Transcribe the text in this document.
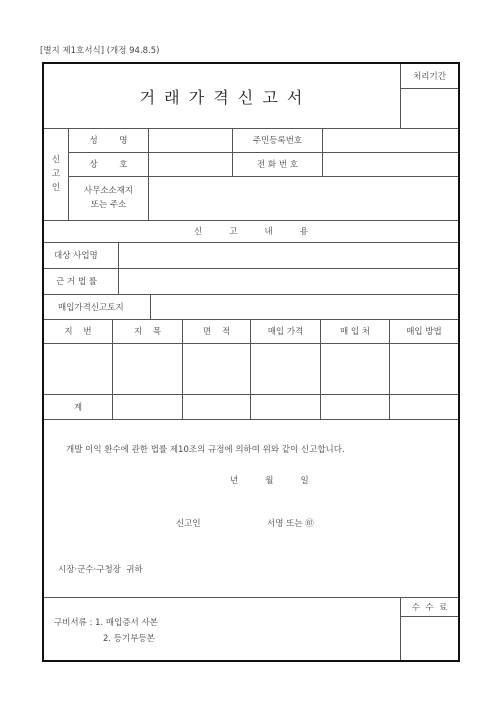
[별지 제1호서식] (개정 94.8.5)
거 래 가 격 신 고 서
처리기간
신
고
인
성        명	주민등록번호
상        호	전 화 번 호
사무소소재지
또는 주소
신          고          내          용
대상 사업명
근 거 법 률
매입가격신고토지
지    번	지    목	면    적	매입 가격	매 입 처	매입 방법
계
개발 이익 환수에 관한 법률 제10조의 규정에 의하여 위와 같이 신고합니다.
년          월          일
신고인	서명 또는 ㊞
시장·군수·구청장  귀하
수  수  료
구비서류 : 1. 매입증서 사본
2. 등기부등본
